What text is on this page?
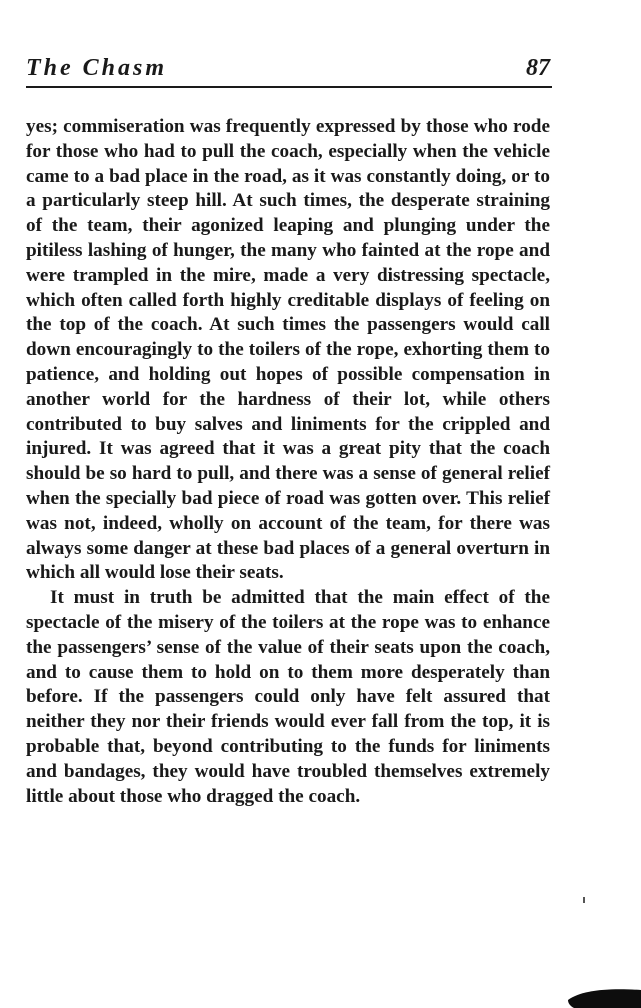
The Chasm	87

yes; commiseration was frequently expressed by those who rode for those who had to pull the coach, especially when the vehicle came to a bad place in the road, as it was constantly doing, or to a particularly steep hill. At such times, the desperate straining of the team, their agonized leaping and plunging under the pitiless lashing of hunger, the many who fainted at the rope and were trampled in the mire, made a very distressing spectacle, which often called forth highly creditable displays of feeling on the top of the coach. At such times the passengers would call down encouragingly to the toilers of the rope, exhorting them to patience, and holding out hopes of possible compensation in another world for the hardness of their lot, while others contributed to buy salves and liniments for the crippled and injured. It was agreed that it was a great pity that the coach should be so hard to pull, and there was a sense of general relief when the specially bad piece of road was gotten over. This relief was not, indeed, wholly on account of the team, for there was always some danger at these bad places of a general overturn in which all would lose their seats.

It must in truth be admitted that the main effect of the spectacle of the misery of the toilers at the rope was to enhance the passengers’ sense of the value of their seats upon the coach, and to cause them to hold on to them more desperately than before. If the passengers could only have felt assured that neither they nor their friends would ever fall from the top, it is probable that, beyond contributing to the funds for liniments and bandages, they would have troubled themselves extremely little about those who dragged the coach.
